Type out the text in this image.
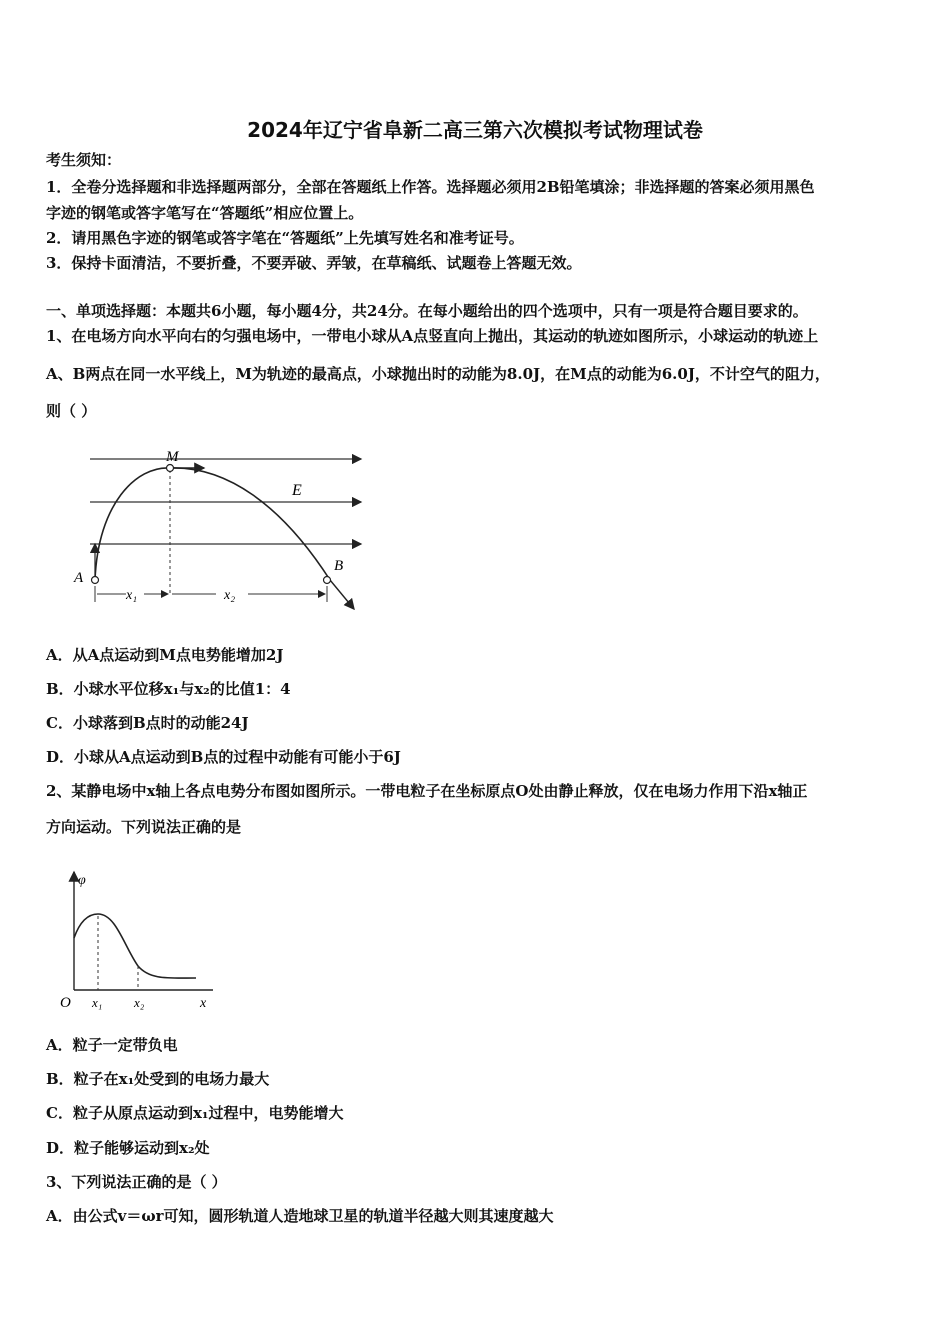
2024年辽宁省阜新二高三第六次模拟考试物理试卷
考生须知：
1．全卷分选择题和非选择题两部分，全部在答题纸上作答。选择题必须用2B铅笔填涂；非选择题的答案必须用黑色
字迹的钢笔或答字笔写在“答题纸”相应位置上。
2．请用黑色字迹的钢笔或答字笔在“答题纸”上先填写姓名和准考证号。
3．保持卡面清洁，不要折叠，不要弄破、弄皱，在草稿纸、试题卷上答题无效。
一、单项选择题：本题共6小题，每小题4分，共24分。在每小题给出的四个选项中，只有一项是符合题目要求的。
1、在电场方向水平向右的匀强电场中，一带电小球从A点竖直向上抛出，其运动的轨迹如图所示，小球运动的轨迹上
A、B两点在同一水平线上，M为轨迹的最高点，小球抛出时的动能为8.0J，在M点的动能为6.0J，不计空气的阻力，
则（ ）
M
E
A
B
x₁	x₂
A．从A点运动到M点电势能增加2J
B．小球水平位移x₁与x₂的比值1：4
C．小球落到B点时的动能24J
D．小球从A点运动到B点的过程中动能有可能小于6J
2、某静电场中x轴上各点电势分布图如图所示。一带电粒子在坐标原点O处由静止释放，仅在电场力作用下沿x轴正
方向运动。下列说法正确的是
φ
O x₁ x₂	x
A．粒子一定带负电
B．粒子在x₁处受到的电场力最大
C．粒子从原点运动到x₁过程中，电势能增大
D．粒子能够运动到x₂处
3、下列说法正确的是（ ）
A．由公式v＝ωr可知，圆形轨道人造地球卫星的轨道半径越大则其速度越大
